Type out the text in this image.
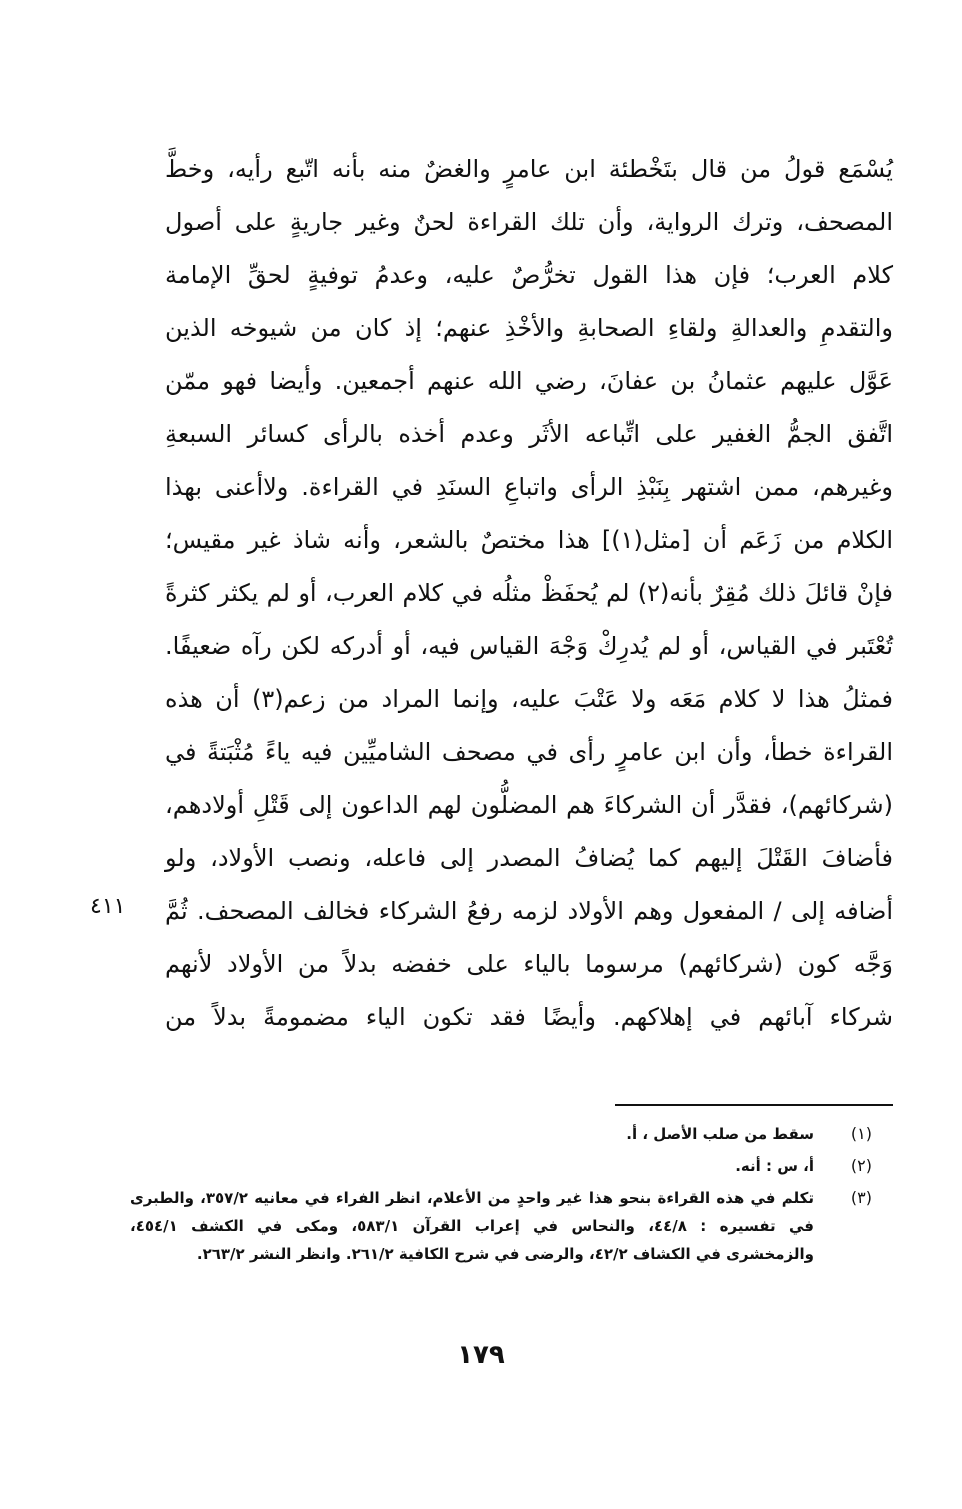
يُسْمَع قولُ من قال بتَخْطئة ابن عامرٍ والغضٌ منه بأنه اتّبع رأيه، وخطَّ
المصحف، وترك الرواية، وأن تلك القراءة لحنٌ وغير جاريةٍ على أصول
كلام العرب؛ فإن هذا القول تخرُّصٌ عليه، وعدمُ توفيةٍ لحقِّ الإمامة
والتقدمِ والعدالةِ ولقاءِ الصحابةِ والأخْذِ عنهم؛ إذ كان من شيوخه الذين
عَوَّل عليهم عثمانُ بن عفانَ، رضي الله عنهم أجمعين. وأيضا فهو ممّن
اتَّفق الجمُّ الغفير على اتِّباعه الأثَر وعدم أخذه بالرأى كسائر السبعةِ
وغيرهم، ممن اشتهر بِنَبْذِ الرأى واتباعِ السنَدِ في القراءة. ولاأعنى بهذا
الكلام من زَعَم أن [مثل(١)] هذا مختصٌ بالشعر، وأنه شاذ غير مقيس؛
فإنْ قائلَ ذلك مُقِرٌ بأنه(٢) لم يُحفَظْ مثلُه في كلام العرب، أو لم يكثر كثرةً
تُعْتَبر في القياس، أو لم يُدرِكْ وَجْهَ القياس فيه، أو أدركه لكن رآه ضعيفًا.
فمثلُ هذا لا كلام مَعَه ولا عَتْبَ عليه، وإنما المراد من زعم(٣) أن هذه
القراءة خطأ، وأن ابن عامرٍ رأى في مصحف الشاميِّين فيه ياءً مُثْبَتةً في
(شركائهم)، فقدَّر أن الشركاءَ هم المضلُّون لهم الداعون إلى قَتْلِ أولادهم،
فأضافَ القَتْلَ إليهم كما يُضافُ المصدر إلى فاعله، ونصب الأولاد، ولو
أضافه إلى / المفعول وهم الأولاد لزمه رفعُ الشركاء فخالف المصحف. ثُمَّ
وَجَّه كون (شركائهم) مرسوما بالياء على خفضه بدلاً من الأولاد لأنهم
شركاء آبائهم في إهلاكهم. وأيضًا فقد تكون الياء مضمومةً بدلاً من
٤١١
(١)
سقط من صلب الأصل ، أ.
(٢)
أ، س : أنه.
(٣)
تكلم في هذه القراءة بنحو هذا غير واحدٍ من الأعلام، انظر الفراء في معانيه ٣٥٧/٢، والطبرى
في تفسيره : ٤٤/٨، والنحاس في إعراب القرآن ٥٨٣/١، ومكى في الكشف ٤٥٤/١،
والزمخشرى في الكشاف ٤٢/٢، والرضى في شرح الكافية ٢٦١/٢. وانظر النشر ٢٦٣/٢.
١٧٩
